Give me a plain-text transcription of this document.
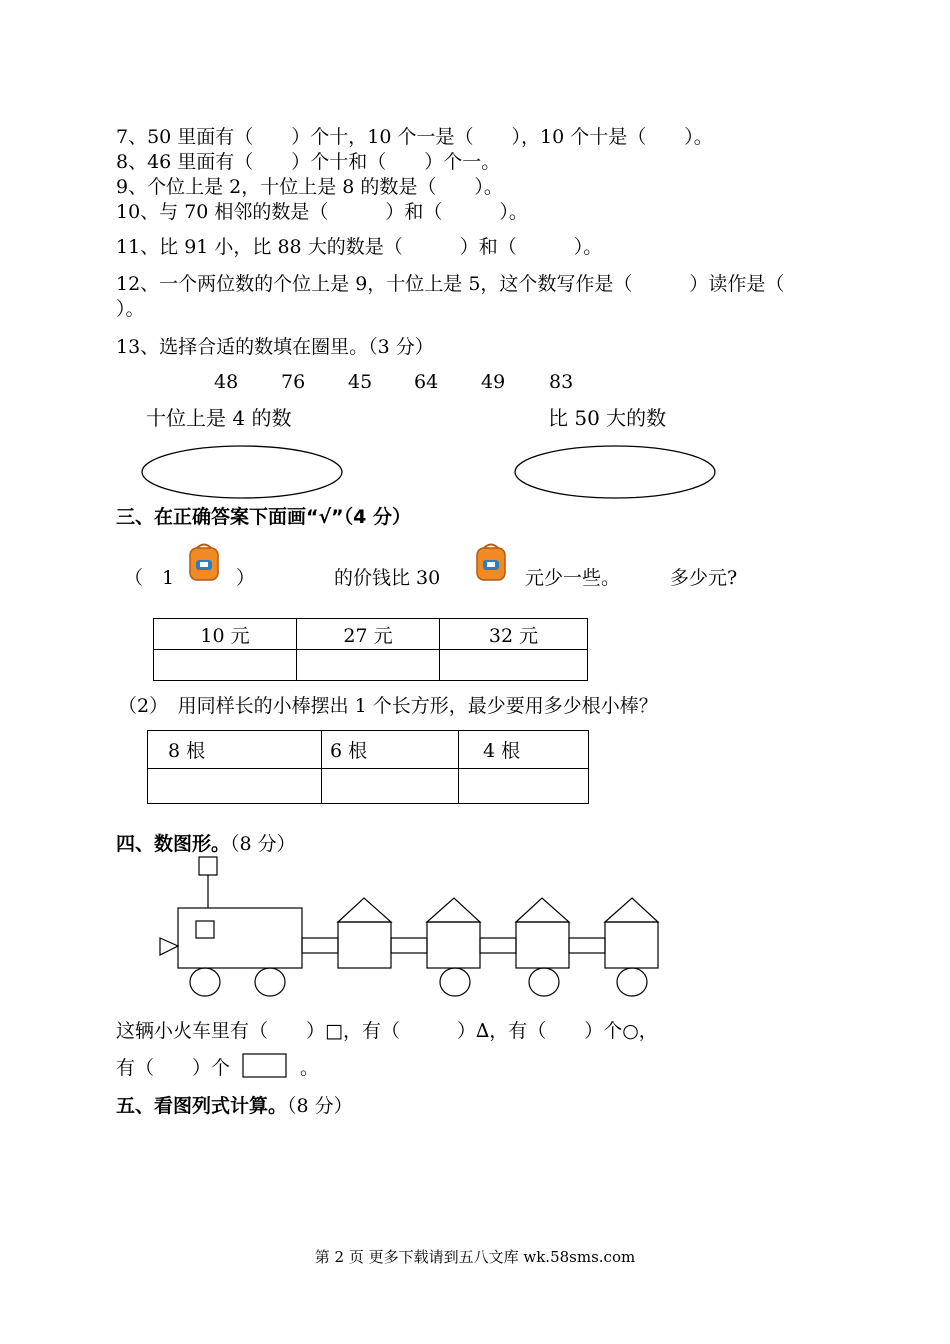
7、50 里面有（　　）个十，10 个一是（　　），10 个十是（　　）。
8、46 里面有（　　）个十和（　　）个一。
9、个位上是 2，十位上是 8 的数是（　　）。
10、与 70 相邻的数是（　　　）和（　　　）。
11、比 91 小，比 88 大的数是（　　　）和（　　　）。
12、一个两位数的个位上是 9，十位上是 5，这个数写作是（　　　）读作是（
）。
13、选择合适的数填在圈里。（3 分）
48 76 45 64 49 83
十位上是 4 的数	比 50 大的数
三、在正确答案下面画“√”（4 分）
（　1	）	的价钱比 30	元少一些。	多少元?
10 元	27 元	32 元

（2）　用同样长的小棒摆出 1 个长方形，最少要用多少根小棒？
8 根	6 根	4 根

四、数图形。（8 分）
这辆小火车里有（　　）□，有（　　　）∆，有（　　）个○，
有（　　）个	。
五、看图列式计算。（8 分）
第 2 页 更多下载请到五八文库 wk.58sms.com
